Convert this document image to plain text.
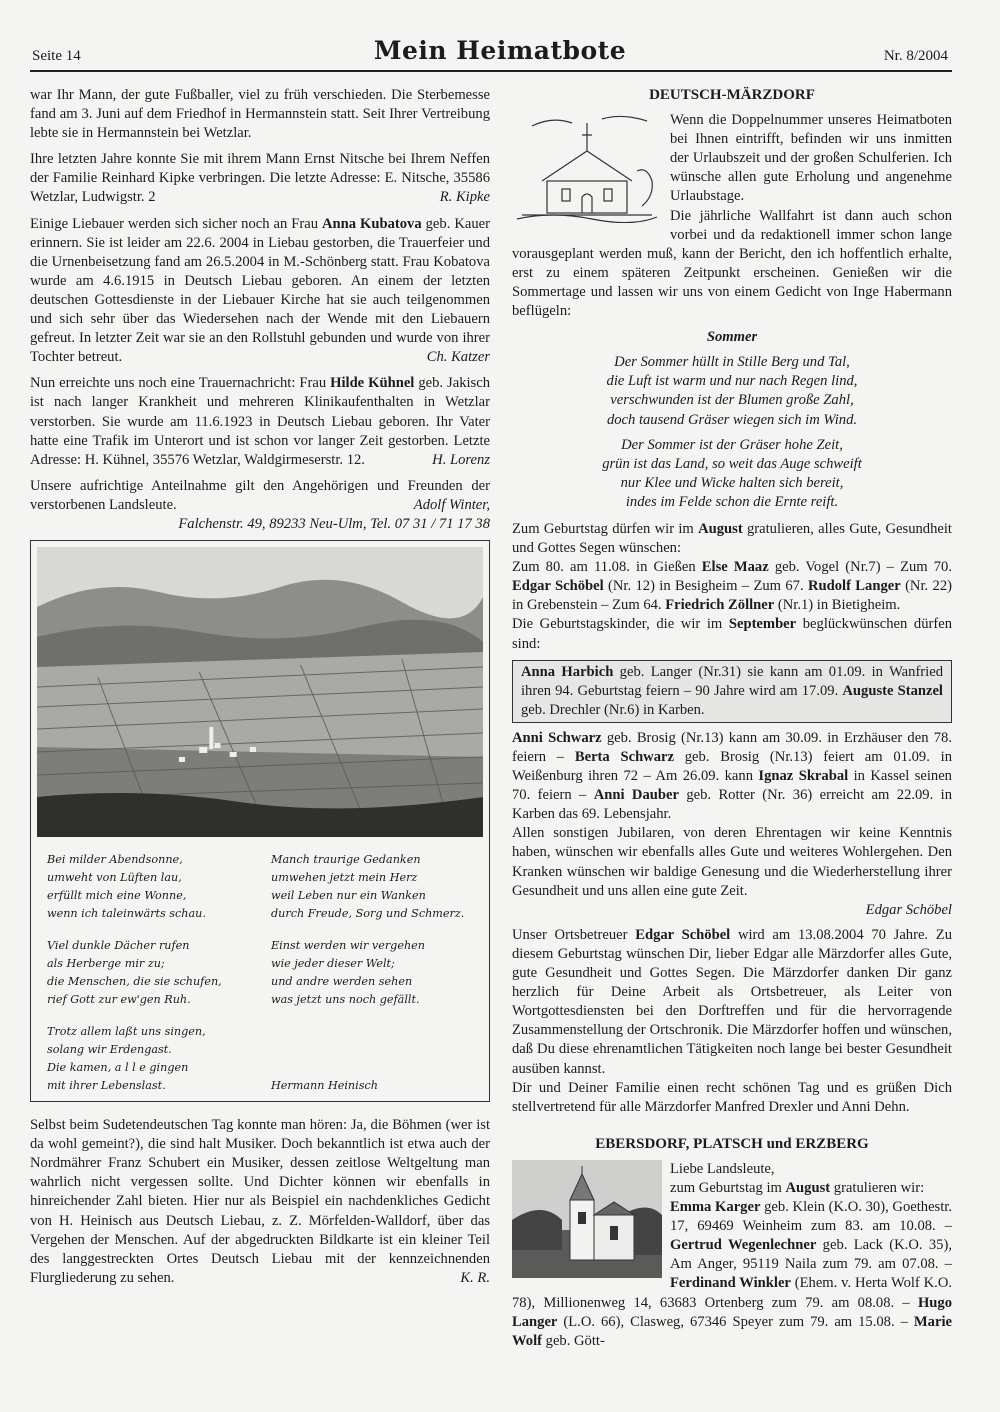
Seite 14	Mein Heimatbote	Nr. 8/2004

war Ihr Mann, der gute Fußballer, viel zu früh verschieden. Die Sterbemesse fand am 3. Juni auf dem Friedhof in Hermannstein statt. Seit Ihrer Vertreibung lebte sie in Hermannstein bei Wetzlar.

Ihre letzten Jahre konnte Sie mit ihrem Mann Ernst Nitsche bei Ihrem Neffen der Familie Reinhard Kipke verbringen. Die letzte Adresse: E. Nitsche, 35586 Wetzlar, Ludwigstr. 2	R. Kipke

Einige Liebauer werden sich sicher noch an Frau Anna Kubatova geb. Kauer erinnern. Sie ist leider am 22.6. 2004 in Liebau gestorben, die Trauerfeier und die Urnenbeisetzung fand am 26.5.2004 in M.-Schönberg statt. Frau Kobatova wurde am 4.6.1915 in Deutsch Liebau geboren. An einem der letzten deutschen Gottesdienste in der Liebauer Kirche hat sie auch teilgenommen und sich sehr über das Wiedersehen nach der Wende mit den Liebauern gefreut. In letzter Zeit war sie an den Rollstuhl gebunden und wurde von ihrer Tochter betreut.	Ch. Katzer

Nun erreichte uns noch eine Trauernachricht: Frau Hilde Kühnel geb. Jakisch ist nach langer Krankheit und mehreren Klinikaufenthalten in Wetzlar verstorben. Sie wurde am 11.6.1923 in Deutsch Liebau geboren. Ihr Vater hatte eine Trafik im Unterort und ist schon vor langer Zeit gestorben. Letzte Adresse: H. Kühnel, 35576 Wetzlar, Waldgirmeserstr. 12.	H. Lorenz

Unsere aufrichtige Anteilnahme gilt den Angehörigen und Freunden der verstorbenen Landsleute.	Adolf Winter,

Falchenstr. 49, 89233 Neu-Ulm, Tel. 07 31 / 71 17 38
Bei milder Abendsonne,
umweht von Lüften lau,
erfüllt mich eine Wonne,
wenn ich taleinwärts schau.
Manch traurige Gedanken
umwehen jetzt mein Herz
weil Leben nur ein Wanken
durch Freude, Sorg und Schmerz.
Viel dunkle Dächer rufen
als Herberge mir zu;
die Menschen, die sie schufen,
rief Gott zur ew'gen Ruh.
Einst werden wir vergehen
wie jeder dieser Welt;
und andre werden sehen
was jetzt uns noch gefällt.
Trotz allem laßt uns singen,
solang wir Erdengast.
Die kamen, a l l e gingen
mit ihrer Lebenslast.	Hermann Heinisch

Selbst beim Sudetendeutschen Tag konnte man hören: Ja, die Böhmen (wer ist da wohl gemeint?), die sind halt Musiker. Doch bekanntlich ist etwa auch der Nordmährer Franz Schubert ein Musiker, dessen zeitlose Weltgeltung man wahrlich nicht vergessen sollte. Und Dichter können wir ebenfalls in hinreichender Zahl bieten. Hier nur als Beispiel ein nachdenkliches Gedicht von H. Heinisch aus Deutsch Liebau, z. Z. Mörfelden-Walldorf, über das Vergehen der Menschen. Auf der abgedruckten Bildkarte ist ein kleiner Teil des langgestreckten Ortes Deutsch Liebau mit der kennzeichnenden Flurgliederung zu sehen.	K. R.

DEUTSCH-MÄRZDORF

Wenn die Doppelnummer unseres Heimatboten bei Ihnen eintrifft, befinden wir uns inmitten der Urlaubszeit und der großen Schulferien. Ich wünsche allen gute Erholung und angenehme Urlaubstage.

Die jährliche Wallfahrt ist dann auch schon vorbei und da redaktionell immer schon lange vorausgeplant werden muß, kann der Bericht, den ich hoffentlich erhalte, erst zu einem späteren Zeitpunkt erscheinen. Genießen wir die Sommertage und lassen wir uns von einem Gedicht von Inge Habermann beflügeln:

Sommer
Der Sommer hüllt in Stille Berg und Tal,
die Luft ist warm und nur nach Regen lind,
verschwunden ist der Blumen große Zahl,
doch tausend Gräser wiegen sich im Wind.
Der Sommer ist der Gräser hohe Zeit,
grün ist das Land, so weit das Auge schweift
nur Klee und Wicke halten sich bereit,
indes im Felde schon die Ernte reift.

Zum Geburtstag dürfen wir im August gratulieren, alles Gute, Gesundheit und Gottes Segen wünschen:

Zum 80. am 11.08. in Gießen Else Maaz geb. Vogel (Nr.7) – Zum 70. Edgar Schöbel (Nr. 12) in Besigheim – Zum 67. Rudolf Langer (Nr. 22) in Grebenstein – Zum 64. Friedrich Zöllner (Nr.1) in Bietigheim.

Die Geburtstagskinder, die wir im September beglückwünschen dürfen sind:

Anna Harbich geb. Langer (Nr.31) sie kann am 01.09. in Wanfried ihren 94. Geburtstag feiern – 90 Jahre wird am 17.09. Auguste Stanzel geb. Drechler (Nr.6) in Karben.

Anni Schwarz geb. Brosig (Nr.13) kann am 30.09. in Erzhäuser den 78. feiern – Berta Schwarz geb. Brosig (Nr.13) feiert am 01.09. in Weißenburg ihren 72 – Am 26.09. kann Ignaz Skrabal in Kassel seinen 70. feiern – Anni Dauber geb. Rotter (Nr. 36) erreicht am 22.09. in Karben das 69. Lebensjahr.

Allen sonstigen Jubilaren, von deren Ehrentagen wir keine Kenntnis haben, wünschen wir ebenfalls alles Gute und weiteres Wohlergehen. Den Kranken wünschen wir baldige Genesung und die Wiederherstellung ihrer Gesundheit und uns allen eine gute Zeit.

Edgar Schöbel

Unser Ortsbetreuer Edgar Schöbel wird am 13.08.2004 70 Jahre. Zu diesem Geburtstag wünschen Dir, lieber Edgar alle Märzdorfer alles Gute, gute Gesundheit und Gottes Segen. Die Märzdorfer danken Dir ganz herzlich für Deine Arbeit als Ortsbetreuer, als Leiter von Wortgottesdiensten bei den Dorftreffen und für die hervorragende Zusammenstellung der Ortschronik. Die Märzdorfer hoffen und wünschen, daß Du diese ehrenamtlichen Tätigkeiten noch lange bei bester Gesundheit ausüben kannst.

Dir und Deiner Familie einen recht schönen Tag und es grüßen Dich stellvertretend für alle Märzdorfer Manfred Drexler und Anni Dehn.

EBERSDORF, PLATSCH und ERZBERG

Liebe Landsleute,

zum Geburtstag im August gratulieren wir:

Emma Karger geb. Klein (K.O. 30), Goethestr. 17, 69469 Weinheim zum 83. am 10.08. – Gertrud Wegenlechner geb. Lack (K.O. 35), Am Anger, 95119 Naila zum 79. am 07.08. – Ferdinand Winkler (Ehem. v. Herta Wolf K.O. 78), Millionenweg 14, 63683 Ortenberg zum 79. am 08.08. – Hugo Langer (L.O. 66), Clasweg, 67346 Speyer zum 79. am 15.08. – Marie Wolf geb. Gött-
